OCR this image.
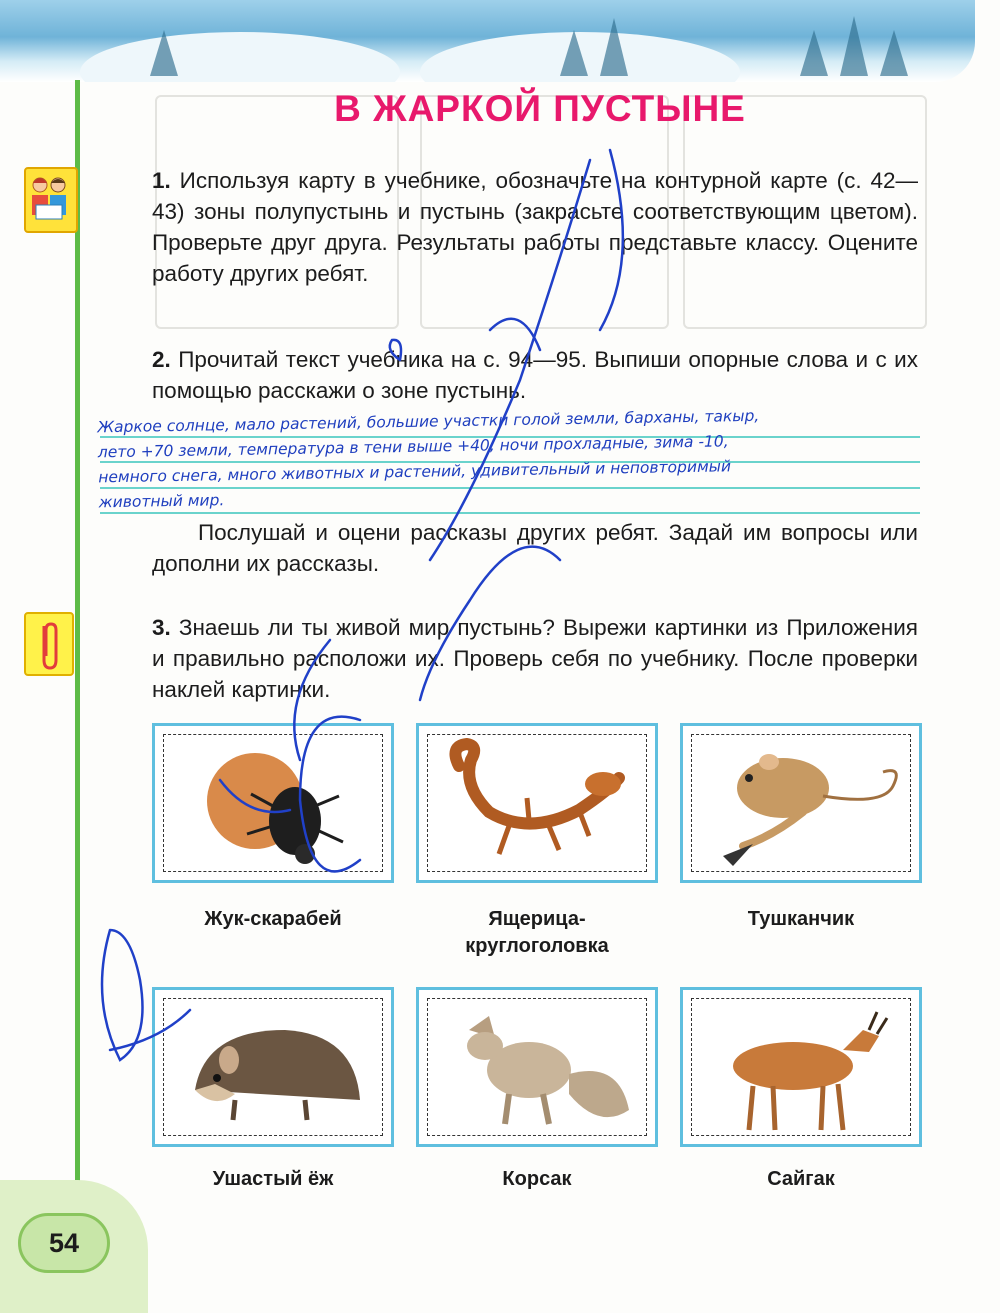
В ЖАРКОЙ ПУСТЫНЕ
1. Используя карту в учебнике, обозначьте на контурной карте (с. 42—43) зоны полупустынь и пустынь (закрасьте соответствующим цветом). Проверьте друг друга. Результаты работы представьте классу. Оцените работу других ребят.
2. Прочитай текст учебника на с. 94—95. Выпиши опорные слова и с их помощью расскажи о зоне пустынь.
Жаркое солнце, мало растений, большие участки голой земли, барханы, такыр,
лето +70 земли, температура в тени выше +40, ночи прохладные, зима -10,
немного снега, много животных и растений, удивительный и неповторимый
животный мир.
Послушай и оцени рассказы других ребят. Задай им вопросы или дополни их рассказы.
3. Знаешь ли ты живой мир пустынь? Вырежи картинки из Приложения и правильно расположи их. Проверь себя по учебнику. После проверки наклей картинки.
Жук-скарабей	Ящерица-
круглоголовка
Тушканчик
Ушастый ёж	Корсак	Сайгак
54
